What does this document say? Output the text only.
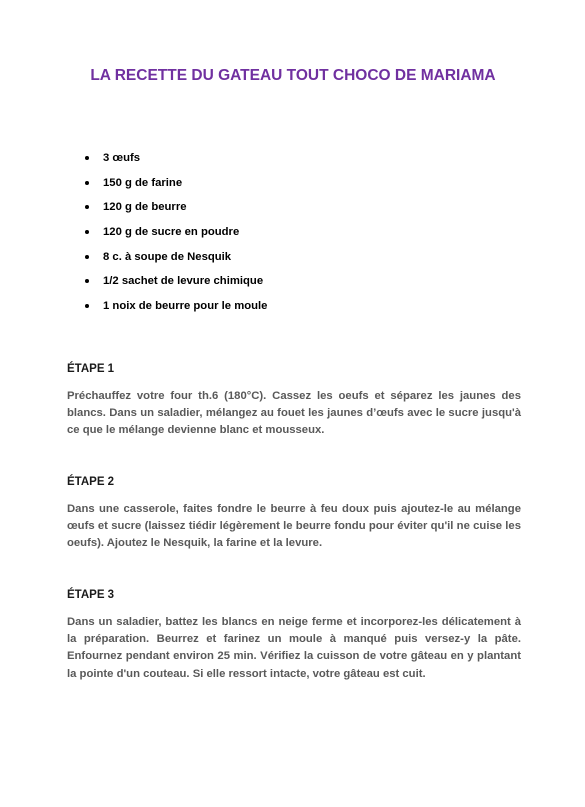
LA RECETTE DU GATEAU TOUT CHOCO DE MARIAMA
3 œufs
150 g de farine
120 g de beurre
120 g de sucre en poudre
8 c. à soupe de Nesquik
1/2 sachet de levure chimique
1 noix de beurre pour le moule
ÉTAPE 1

Préchauffez votre four th.6 (180°C). Cassez les oeufs et séparez les jaunes des blancs. Dans un saladier, mélangez au fouet les jaunes d’œufs avec le sucre jusqu'à ce que le mélange devienne blanc et mousseux.

ÉTAPE 2

Dans une casserole, faites fondre le beurre à feu doux puis ajoutez-le au mélange œufs et sucre (laissez tiédir légèrement le beurre fondu pour éviter qu'il ne cuise les oeufs). Ajoutez le Nesquik, la farine et la levure.

ÉTAPE 3

Dans un saladier, battez les blancs en neige ferme et incorporez-les délicatement à la préparation. Beurrez et farinez un moule à manqué puis versez-y la pâte. Enfournez pendant environ 25 min. Vérifiez la cuisson de votre gâteau en y plantant la pointe d'un couteau. Si elle ressort intacte, votre gâteau est cuit.
